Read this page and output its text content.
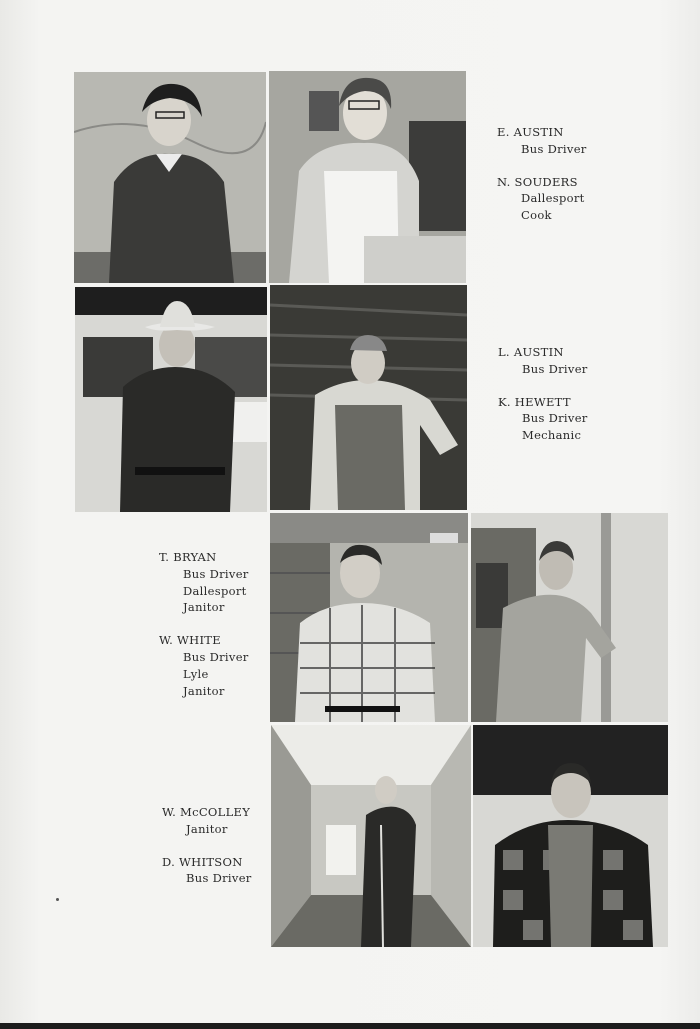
E. AUSTIN
Bus Driver
N. SOUDERS
Dallesport
Cook
L. AUSTIN
Bus Driver
K. HEWETT
Bus Driver
Mechanic
T. BRYAN
Bus Driver
Dallesport
Janitor
W. WHITE
Bus Driver
Lyle
Janitor
W. McCOLLEY
Janitor
D. WHITSON
Bus Driver
